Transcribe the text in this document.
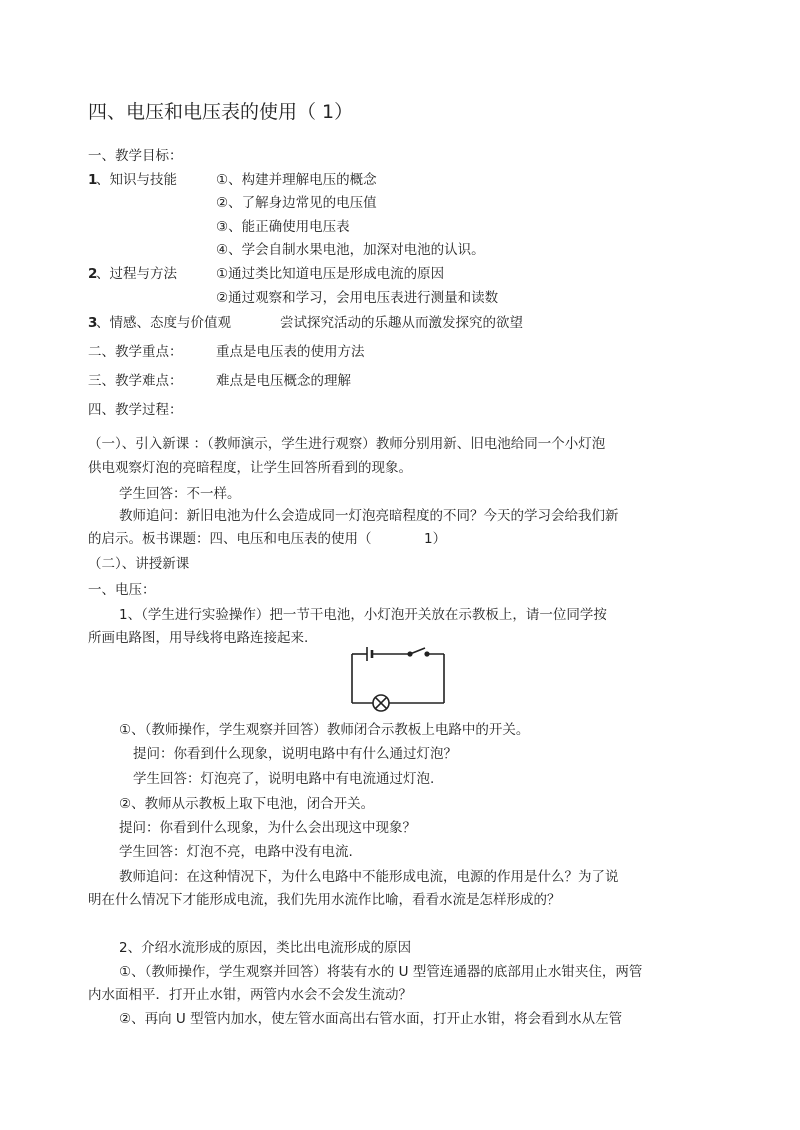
四、电压和电压表的使用（ 1）
一、教学目标：
1
、知识与技能	①、构建并理解电压的概念
②、了解身边常见的电压值
③、能正确使用电压表
④、学会自制水果电池，加深对电池的认识。
2
、过程与方法	①通过类比知道电压是形成电流的原因
②通过观察和学习，会用电压表进行测量和读数
3
、情感、态度与价值观	尝试探究活动的乐趣从而激发探究的欲望
二、教学重点： 重点是电压表的使用方法
三、教学难点： 难点是电压概念的理解
四、教学过程：
（一）、引入新课 ：（教师演示，学生进行观察）教师分别用新、旧电池给同一个小灯泡
供电观察灯泡的亮暗程度，让学生回答所看到的现象。
学生回答：不一样。
教师追问：新旧电池为什么会造成同一灯泡亮暗程度的不同？今天的学习会给我们新
的启示。板书课题：四、电压和电压表的使用（	1）
（二）、讲授新课
一、电压：
1、（学生进行实验操作）把一节干电池，小灯泡开关放在示教板上，请一位同学按
所画电路图，用导线将电路连接起来.
①、（教师操作，学生观察并回答）教师闭合示教板上电路中的开关。
提问：你看到什么现象，说明电路中有什么通过灯泡？
学生回答：灯泡亮了，说明电路中有电流通过灯泡.
②、教师从示教板上取下电池，闭合开关。
提问：你看到什么现象，为什么会出现这中现象？
学生回答：灯泡不亮，电路中没有电流.
教师追问：在这种情况下，为什么电路中不能形成电流，电源的作用是什么？为了说
明在什么情况下才能形成电流，我们先用水流作比喻，看看水流是怎样形成的？
2、介绍水流形成的原因，类比出电流形成的原因
①、（教师操作，学生观察并回答）将装有水的 U 型管连通器的底部用止水钳夹住，两管
内水面相平．打开止水钳，两管内水会不会发生流动？
②、再向 U 型管内加水，使左管水面高出右管水面，打开止水钳，将会看到水从左管
